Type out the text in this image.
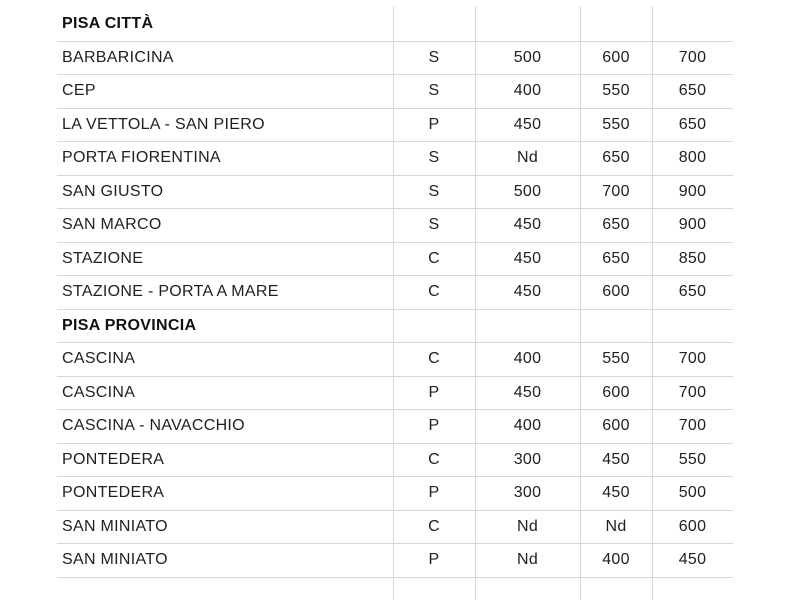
PISA CITTÀ
BARBARICINA	S	500	600	700
CEP	S	400	550	650
LA VETTOLA - SAN PIERO	P	450	550	650
PORTA FIORENTINA	S	Nd	650	800
SAN GIUSTO	S	500	700	900
SAN MARCO	S	450	650	900
STAZIONE	C	450	650	850
STAZIONE - PORTA A MARE	C	450	600	650
PISA PROVINCIA
CASCINA	C	400	550	700
CASCINA	P	450	600	700
CASCINA - NAVACCHIO	P	400	600	700
PONTEDERA	C	300	450	550
PONTEDERA	P	300	450	500
SAN MINIATO	C	Nd	Nd	600
SAN MINIATO	P	Nd	400	450
